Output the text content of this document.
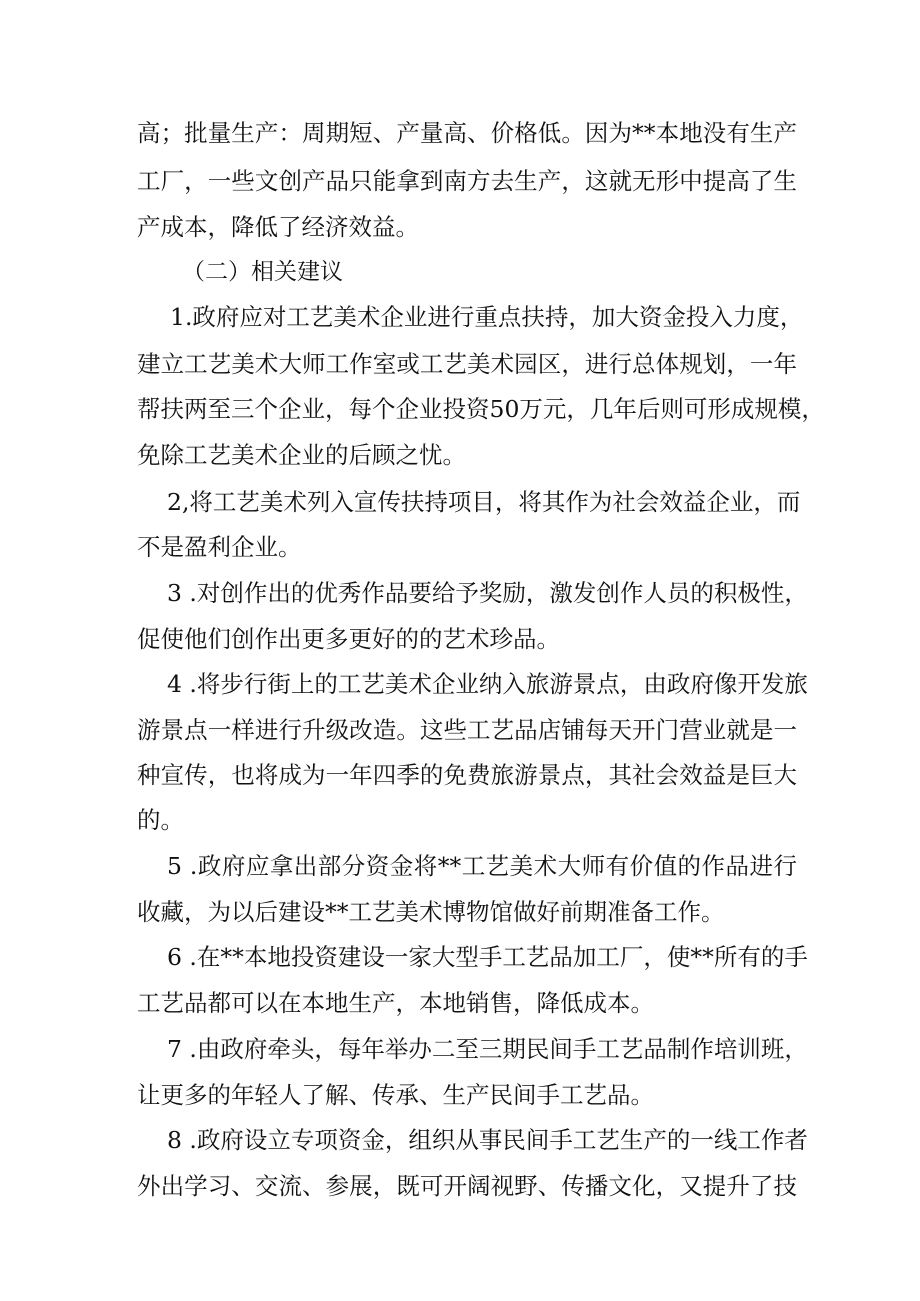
高；批量生产：周期短、产量高、价格低。因为**本地没有生产
工厂，一些文创产品只能拿到南方去生产，这就无形中提高了生
产成本，降低了经济效益。
（二）相关建议
1.政府应对工艺美术企业进行重点扶持，加大资金投入力度，
建立工艺美术大师工作室或工艺美术园区，进行总体规划，一年
帮扶两至三个企业，每个企业投资50万元，几年后则可形成规模，
免除工艺美术企业的后顾之忧。
2,将工艺美术列入宣传扶持项目，将其作为社会效益企业，而
不是盈利企业。
3 .对创作出的优秀作品要给予奖励，激发创作人员的积极性，
促使他们创作出更多更好的的艺术珍品。
4 .将步行街上的工艺美术企业纳入旅游景点，由政府像开发旅
游景点一样进行升级改造。这些工艺品店铺每天开门营业就是一
种宣传，也将成为一年四季的免费旅游景点，其社会效益是巨大
的。
5 .政府应拿出部分资金将**工艺美术大师有价值的作品进行
收藏，为以后建设**工艺美术博物馆做好前期准备工作。
6 .在**本地投资建设一家大型手工艺品加工厂，使**所有的手
工艺品都可以在本地生产，本地销售，降低成本。
7 .由政府牵头，每年举办二至三期民间手工艺品制作培训班，
让更多的年轻人了解、传承、生产民间手工艺品。
8 .政府设立专项资金，组织从事民间手工艺生产的一线工作者
外出学习、交流、参展，既可开阔视野、传播文化，又提升了技
